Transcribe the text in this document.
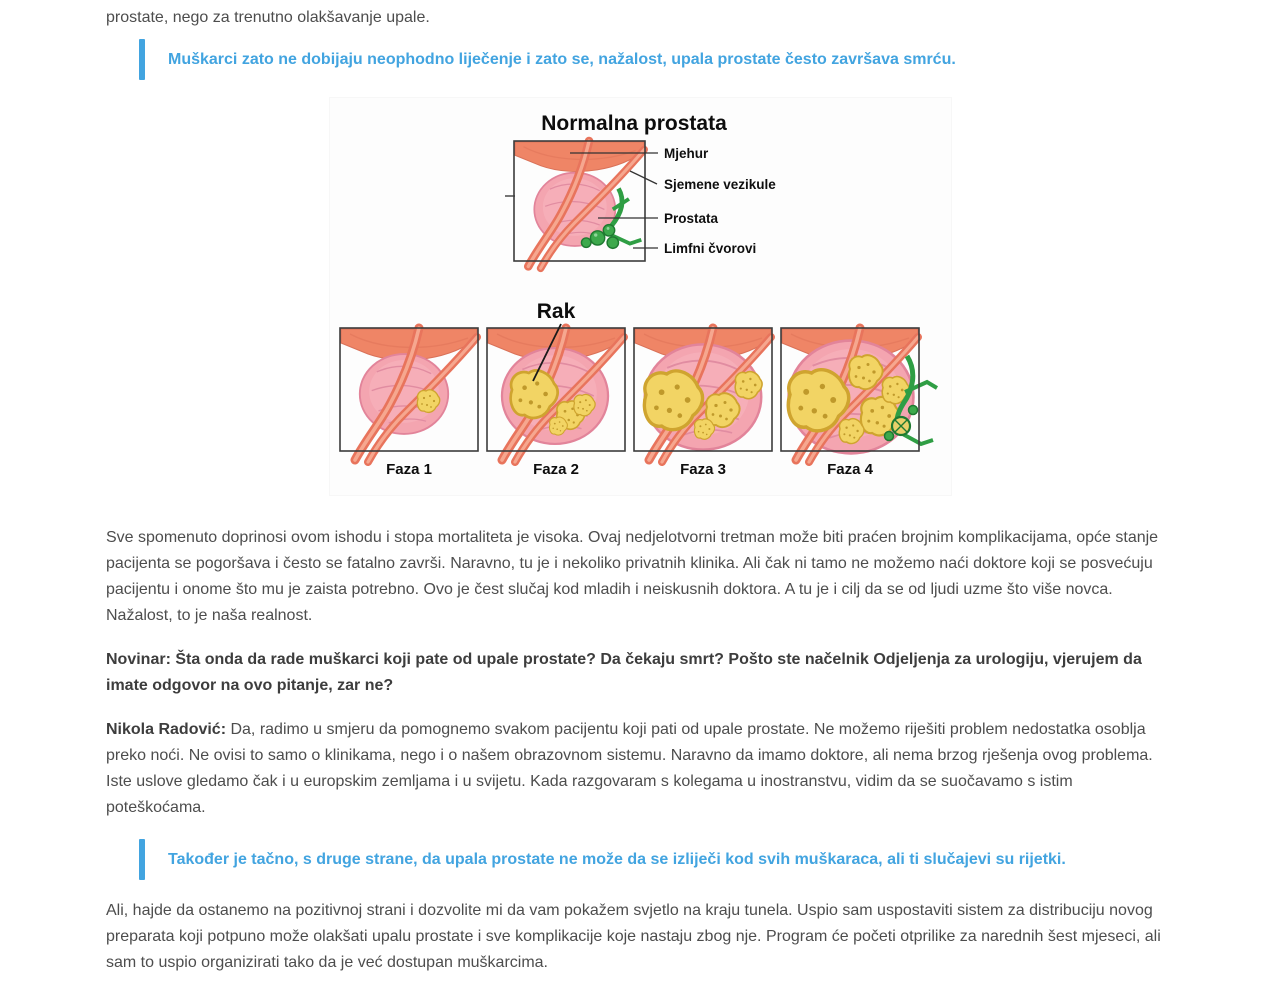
prostate, nego za trenutno olakšavanje upale.

Muškarci zato ne dobijaju neophodno liječenje i zato se, nažalost, upala prostate često završava smrću.

Normalna prostata
Mjehur
Sjemene vezikule
Prostata
Limfni čvorovi
Rak
Faza 1	Faza 2	Faza 3	Faza 4

Sve spomenuto doprinosi ovom ishodu i stopa mortaliteta je visoka. Ovaj nedjelotvorni tretman može biti praćen brojnim komplikacijama, opće stanje pacijenta se pogoršava i često se fatalno završi. Naravno, tu je i nekoliko privatnih klinika. Ali čak ni tamo ne možemo naći doktore koji se posvećuju pacijentu i onome što mu je zaista potrebno. Ovo je čest slučaj kod mladih i neiskusnih doktora. A tu je i cilj da se od ljudi uzme što više novca. Nažalost, to je naša realnost.

Novinar: Šta onda da rade muškarci koji pate od upale prostate? Da čekaju smrt? Pošto ste načelnik Odjeljenja za urologiju, vjerujem da imate odgovor na ovo pitanje, zar ne?

Nikola Radović: Da, radimo u smjeru da pomognemo svakom pacijentu koji pati od upale prostate. Ne možemo riješiti problem nedostatka osoblja preko noći. Ne ovisi to samo o klinikama, nego i o našem obrazovnom sistemu. Naravno da imamo doktore, ali nema brzog rješenja ovog problema. Iste uslove gledamo čak i u europskim zemljama i u svijetu. Kada razgovaram s kolegama u inostranstvu, vidim da se suočavamo s istim poteškoćama.

Također je tačno, s druge strane, da upala prostate ne može da se izliječi kod svih muškaraca, ali ti slučajevi su rijetki.

Ali, hajde da ostanemo na pozitivnoj strani i dozvolite mi da vam pokažem svjetlo na kraju tunela. Uspio sam uspostaviti sistem za distribuciju novog preparata koji potpuno može olakšati upalu prostate i sve komplikacije koje nastaju zbog nje. Program će početi otprilike za narednih šest mjeseci, ali sam to uspio organizirati tako da je već dostupan muškarcima.
